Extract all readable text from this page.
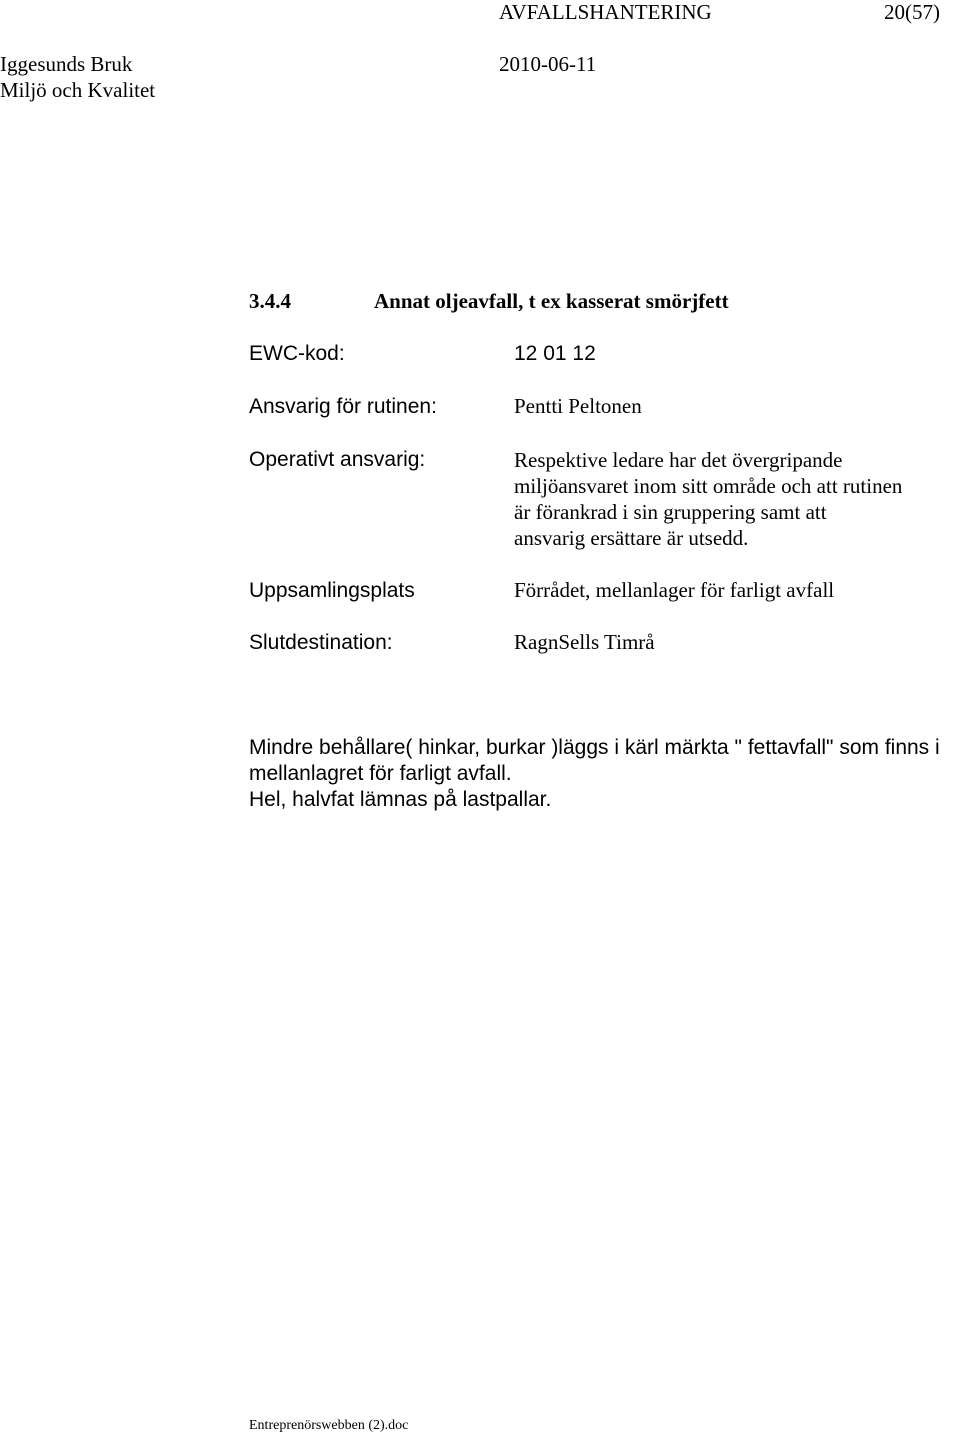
AVFALLSHANTERING	20(57)
Iggesunds Bruk	2010-06-11
Miljö och Kvalitet
3.4.4	Annat oljeavfall, t ex kasserat smörjfett
EWC-kod:	12 01 12
Ansvarig för rutinen:	Pentti Peltonen
Operativt ansvarig:	Respektive ledare har det övergripande
miljöansvaret inom sitt område och att rutinen
är förankrad i sin gruppering samt att
ansvarig ersättare är utsedd.
Uppsamlingsplats	Förrådet, mellanlager för farligt avfall
Slutdestination:	RagnSells Timrå
Mindre behållare( hinkar, burkar )läggs i kärl märkta " fettavfall" som finns i
mellanlagret för farligt avfall.
Hel, halvfat lämnas på lastpallar.
Entreprenörswebben (2).doc
